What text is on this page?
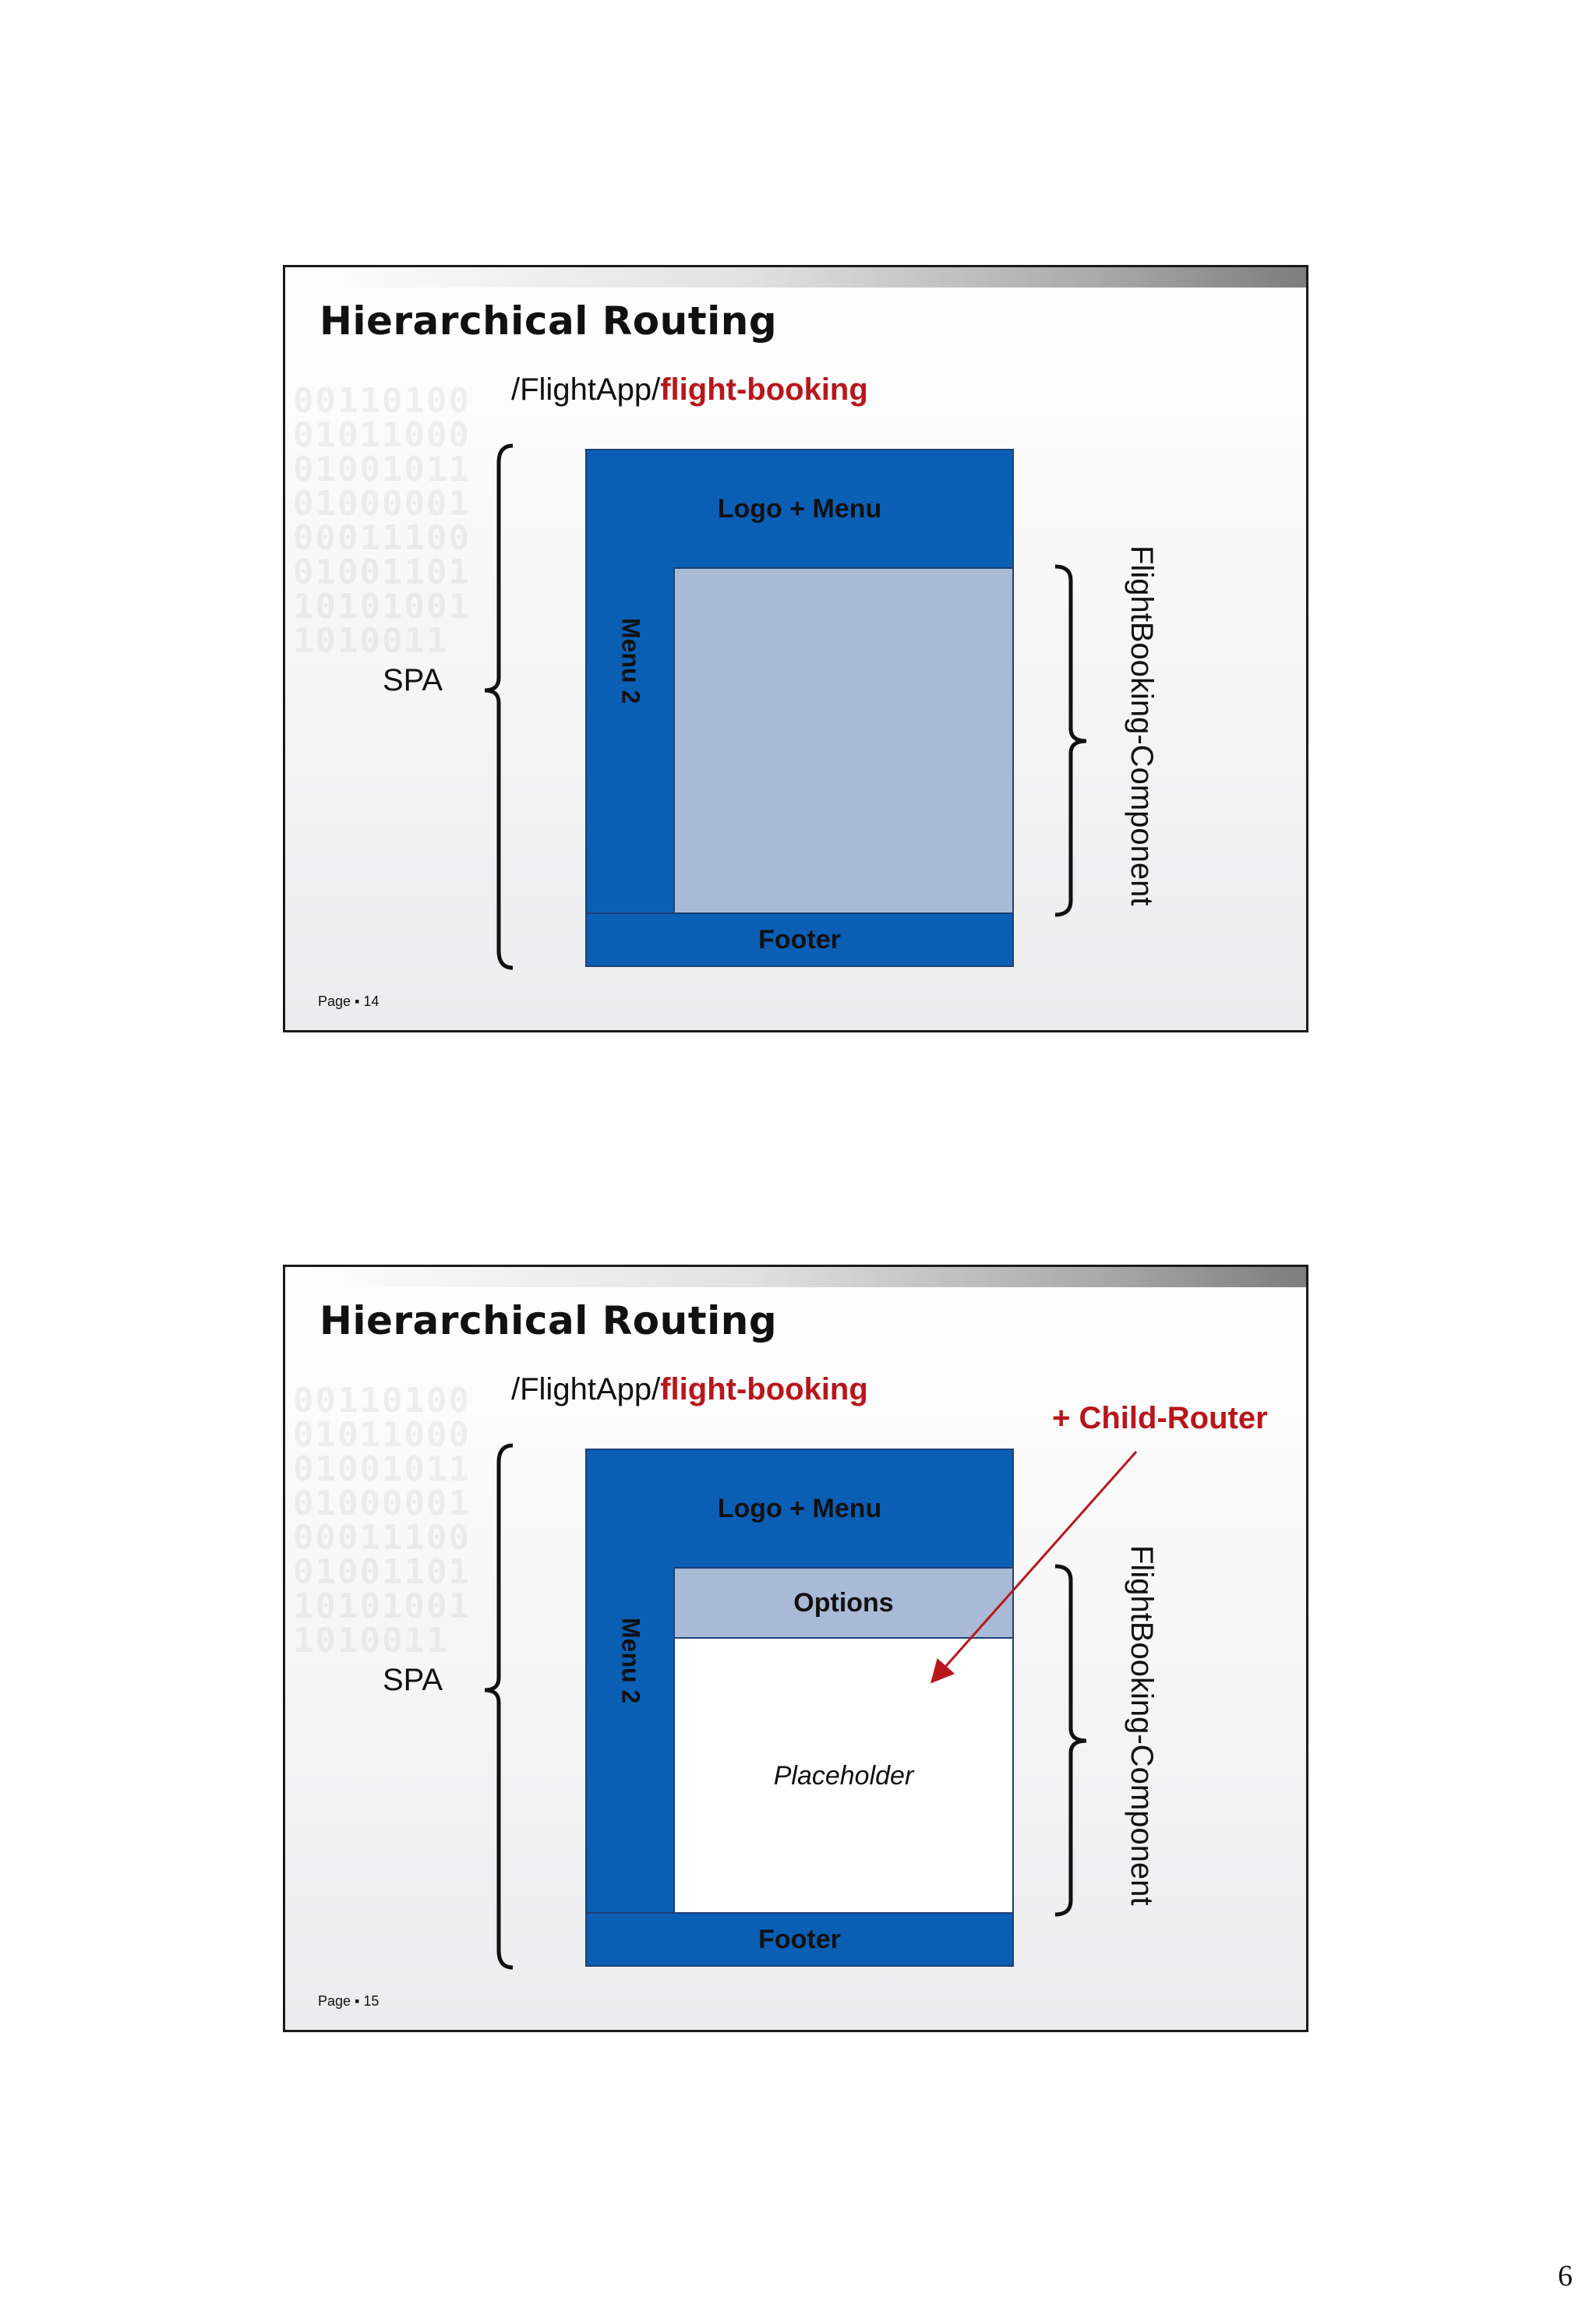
00110100
01011000
01001011
01000001
00011100
01001101
10101001
1010011
Hierarchical Routing
/FlightApp/flight-booking
SPA
Logo + Menu
Menu 2
Footer
FlightBooking-Component
Page ▪ 14
00110100
01011000
01001011
01000001
00011100
01001101
10101001
1010011
Hierarchical Routing
/FlightApp/flight-booking
+ Child-Router
SPA
Logo + Menu
Menu 2
Options
Placeholder
Footer
FlightBooking-Component
Page ▪ 15
6
